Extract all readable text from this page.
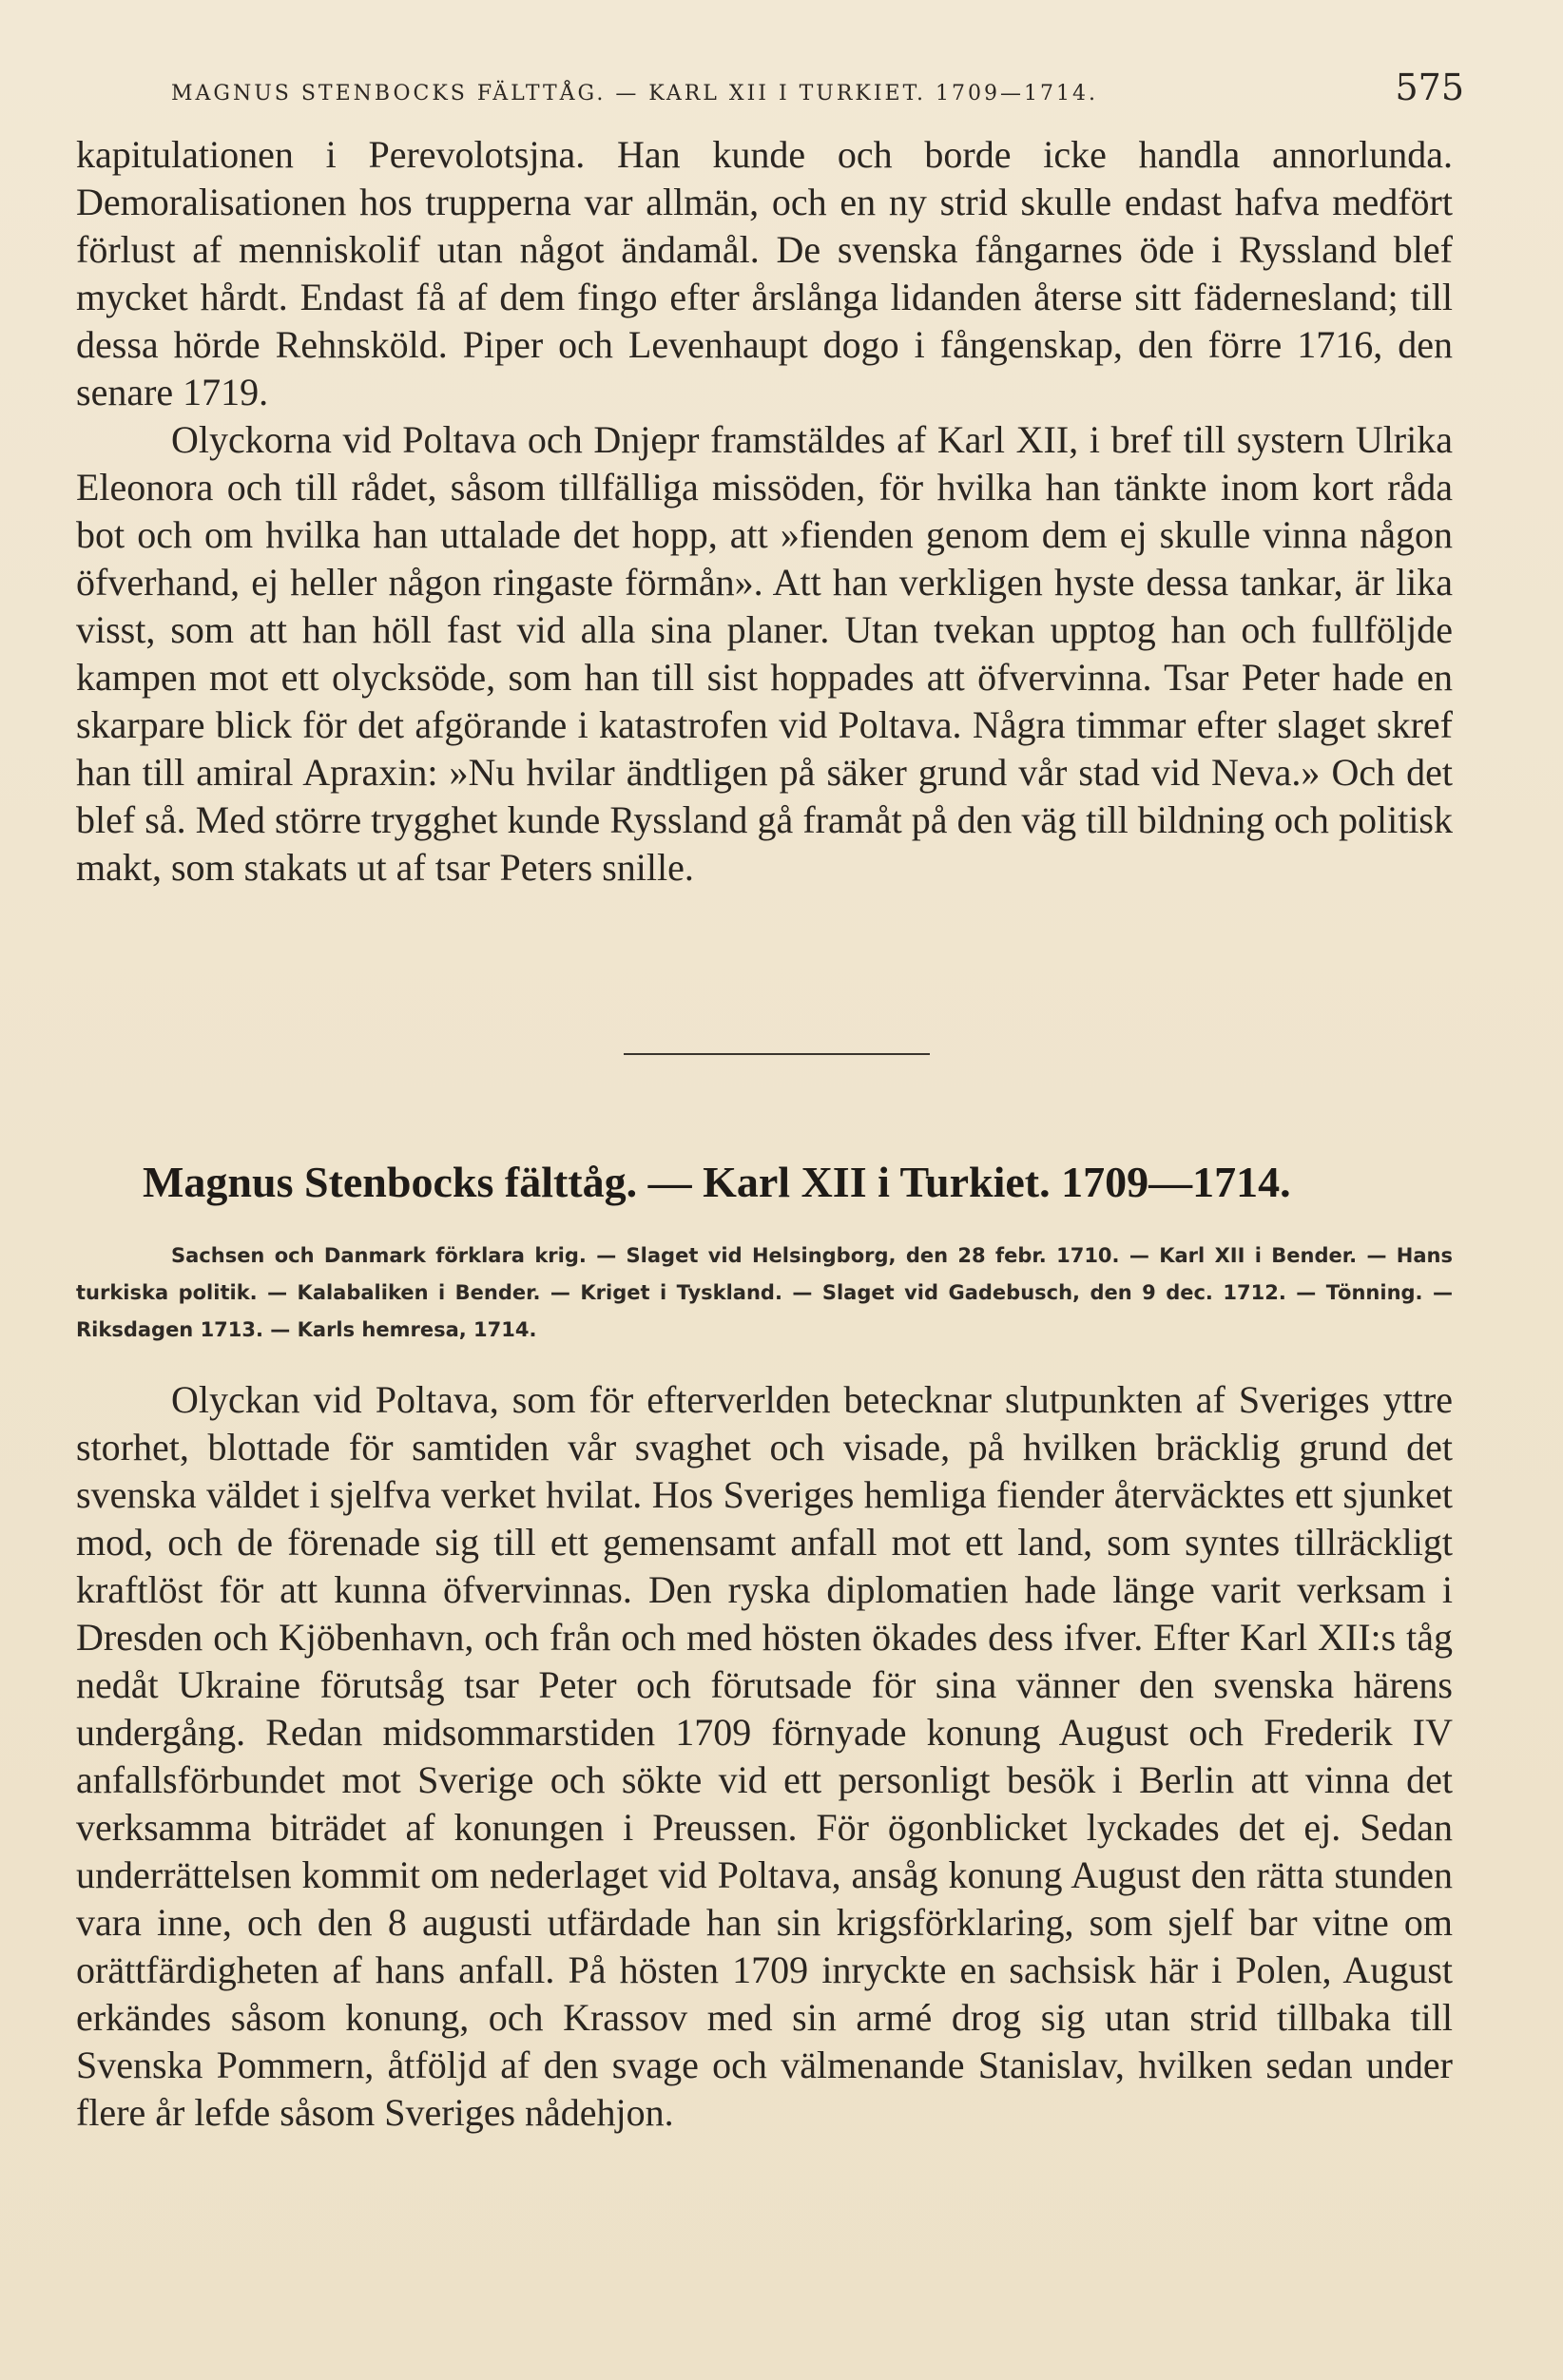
MAGNUS STENBOCKS FÄLTTÅG. — KARL XII I TURKIET. 1709—1714.	575

kapitulationen i Perevolotsjna. Han kunde och borde icke handla annorlunda. Demoralisationen hos trupperna var allmän, och en ny strid skulle endast hafva medfört förlust af menniskolif utan något ändamål. De svenska fångarnes öde i Ryssland blef mycket hårdt. Endast få af dem fingo efter årslånga lidanden återse sitt fädernesland; till dessa hörde Rehnsköld. Piper och Levenhaupt dogo i fångenskap, den förre 1716, den senare 1719.

Olyckorna vid Poltava och Dnjepr framstäldes af Karl XII, i bref till systern Ulrika Eleonora och till rådet, såsom tillfälliga missöden, för hvilka han tänkte inom kort råda bot och om hvilka han uttalade det hopp, att »fienden genom dem ej skulle vinna någon öfverhand, ej heller någon ringaste förmån». Att han verkligen hyste dessa tankar, är lika visst, som att han höll fast vid alla sina planer. Utan tvekan upptog han och fullföljde kampen mot ett olycksöde, som han till sist hoppades att öfvervinna. Tsar Peter hade en skarpare blick för det afgörande i katastrofen vid Poltava. Några timmar efter slaget skref han till amiral Apraxin: »Nu hvilar ändtligen på säker grund vår stad vid Neva.» Och det blef så. Med större trygghet kunde Ryssland gå framåt på den väg till bildning och politisk makt, som stakats ut af tsar Peters snille.

Magnus Stenbocks fälttåg. — Karl XII i Turkiet. 1709—1714.

Sachsen och Danmark förklara krig. — Slaget vid Helsingborg, den 28 febr. 1710. — Karl XII i Bender. — Hans turkiska politik. — Kalabaliken i Bender. — Kriget i Tyskland. — Slaget vid Gadebusch, den 9 dec. 1712. — Tönning. — Riksdagen 1713. — Karls hemresa, 1714.

Olyckan vid Poltava, som för efterverlden betecknar slutpunkten af Sveriges yttre storhet, blottade för samtiden vår svaghet och visade, på hvilken bräcklig grund det svenska väldet i sjelfva verket hvilat. Hos Sveriges hemliga fiender återväcktes ett sjunket mod, och de förenade sig till ett gemensamt anfall mot ett land, som syntes tillräckligt kraftlöst för att kunna öfvervinnas. Den ryska diplomatien hade länge varit verksam i Dresden och Kjöbenhavn, och från och med hösten ökades dess ifver. Efter Karl XII:s tåg nedåt Ukraine förutsåg tsar Peter och förutsade för sina vänner den svenska härens undergång. Redan midsommarstiden 1709 förnyade konung August och Frederik IV anfallsförbundet mot Sverige och sökte vid ett personligt besök i Berlin att vinna det verksamma biträdet af konungen i Preussen. För ögonblicket lyckades det ej. Sedan underrättelsen kommit om nederlaget vid Poltava, ansåg konung August den rätta stunden vara inne, och den 8 augusti utfärdade han sin krigsförklaring, som sjelf bar vitne om orättfärdigheten af hans anfall. På hösten 1709 inryckte en sachsisk här i Polen, August erkändes såsom konung, och Krassov med sin armé drog sig utan strid tillbaka till Svenska Pommern, åtföljd af den svage och välmenande Stanislav, hvilken sedan under flere år lefde såsom Sveriges nådehjon.
